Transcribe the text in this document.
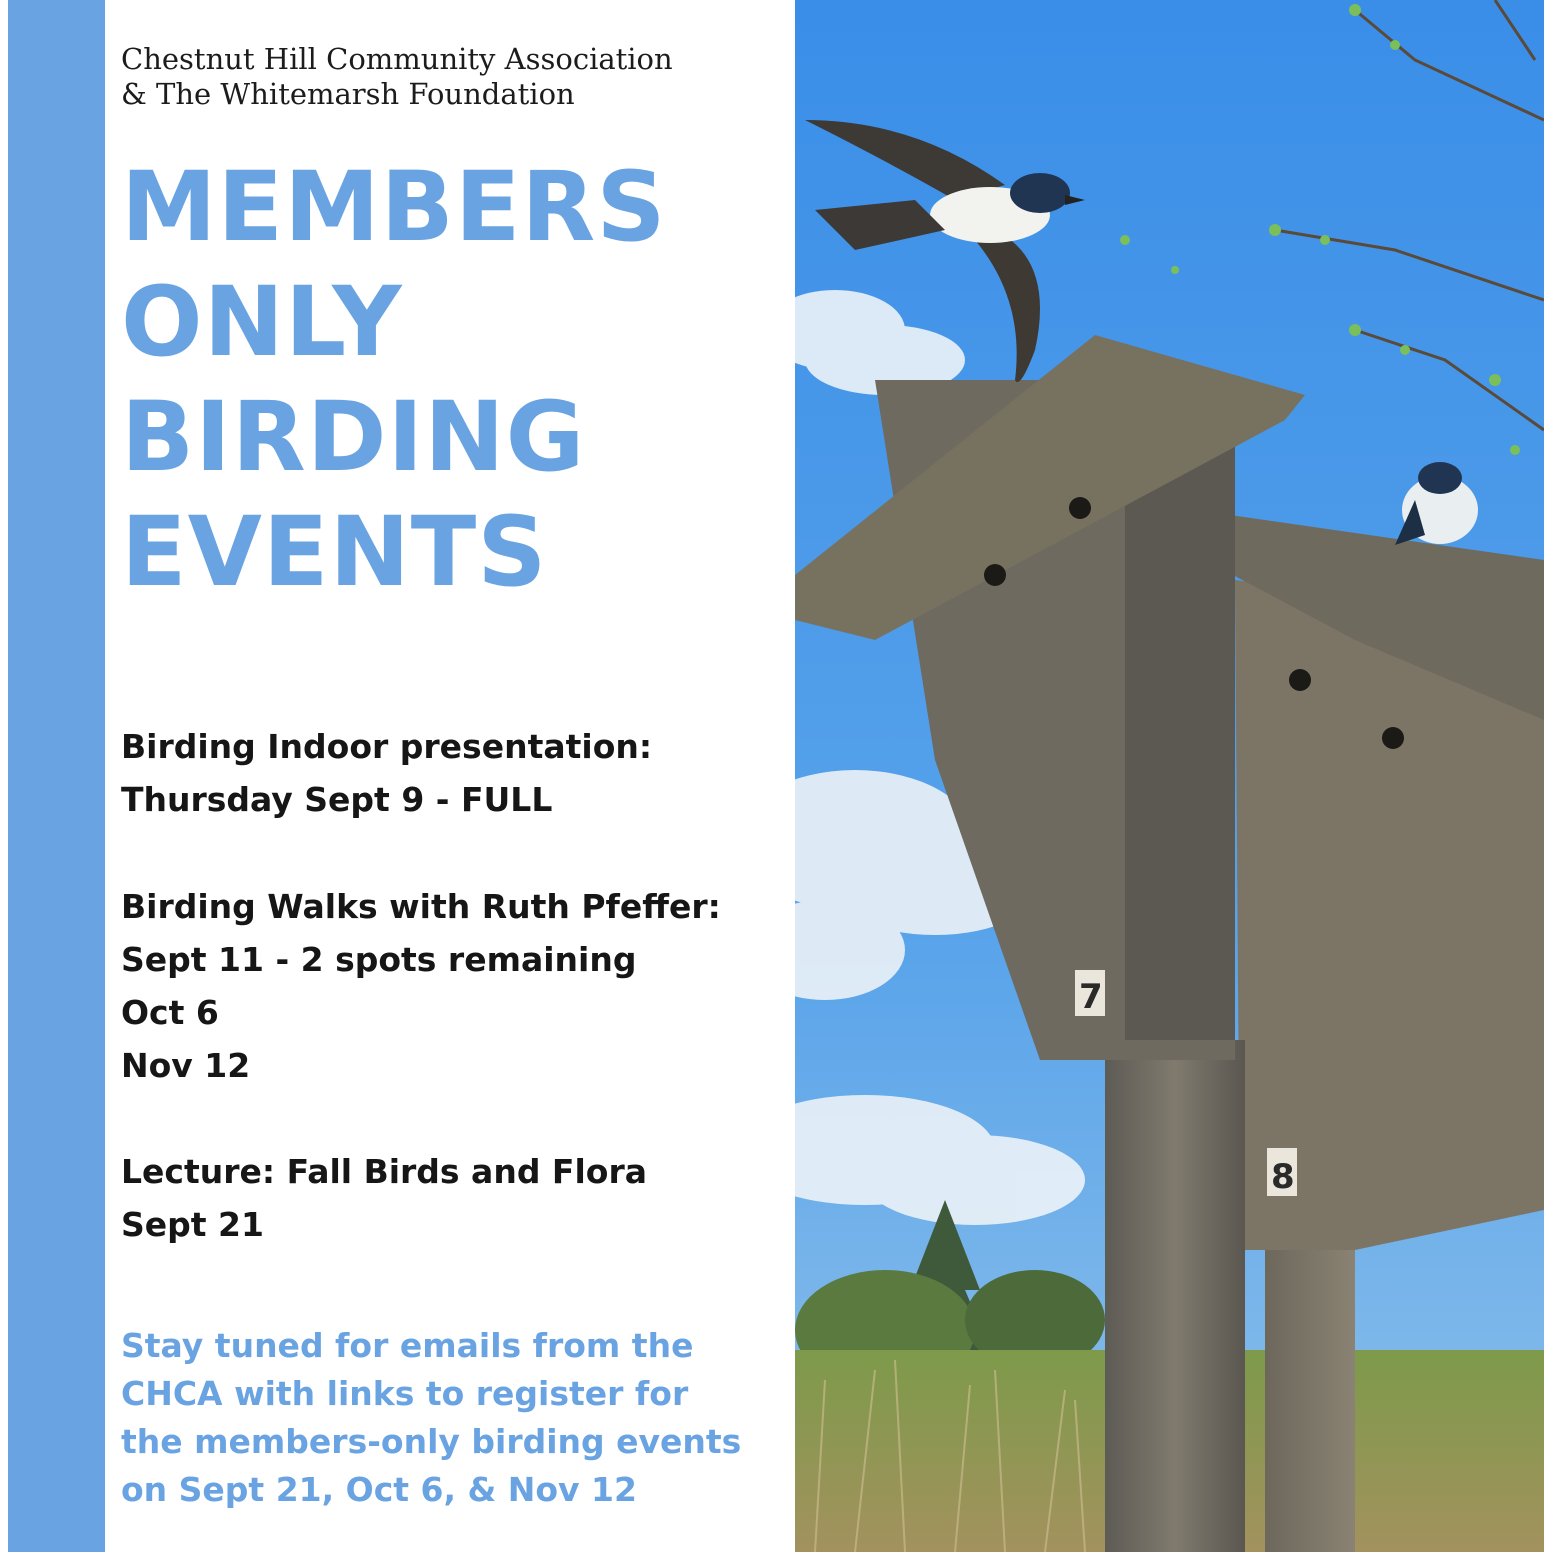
Chestnut Hill Community Association
& The Whitemarsh Foundation
MEMBERS
ONLY
BIRDING
EVENTS
Birding Indoor presentation:
Thursday Sept 9 - FULL
Birding Walks with Ruth Pfeffer:
Sept 11 - 2 spots remaining
Oct 6
Nov 12
Lecture: Fall Birds and Flora
Sept 21
Stay tuned for emails from the
CHCA with links to register for
the members-only birding events
on Sept 21, Oct 6, & Nov 12
7
8
